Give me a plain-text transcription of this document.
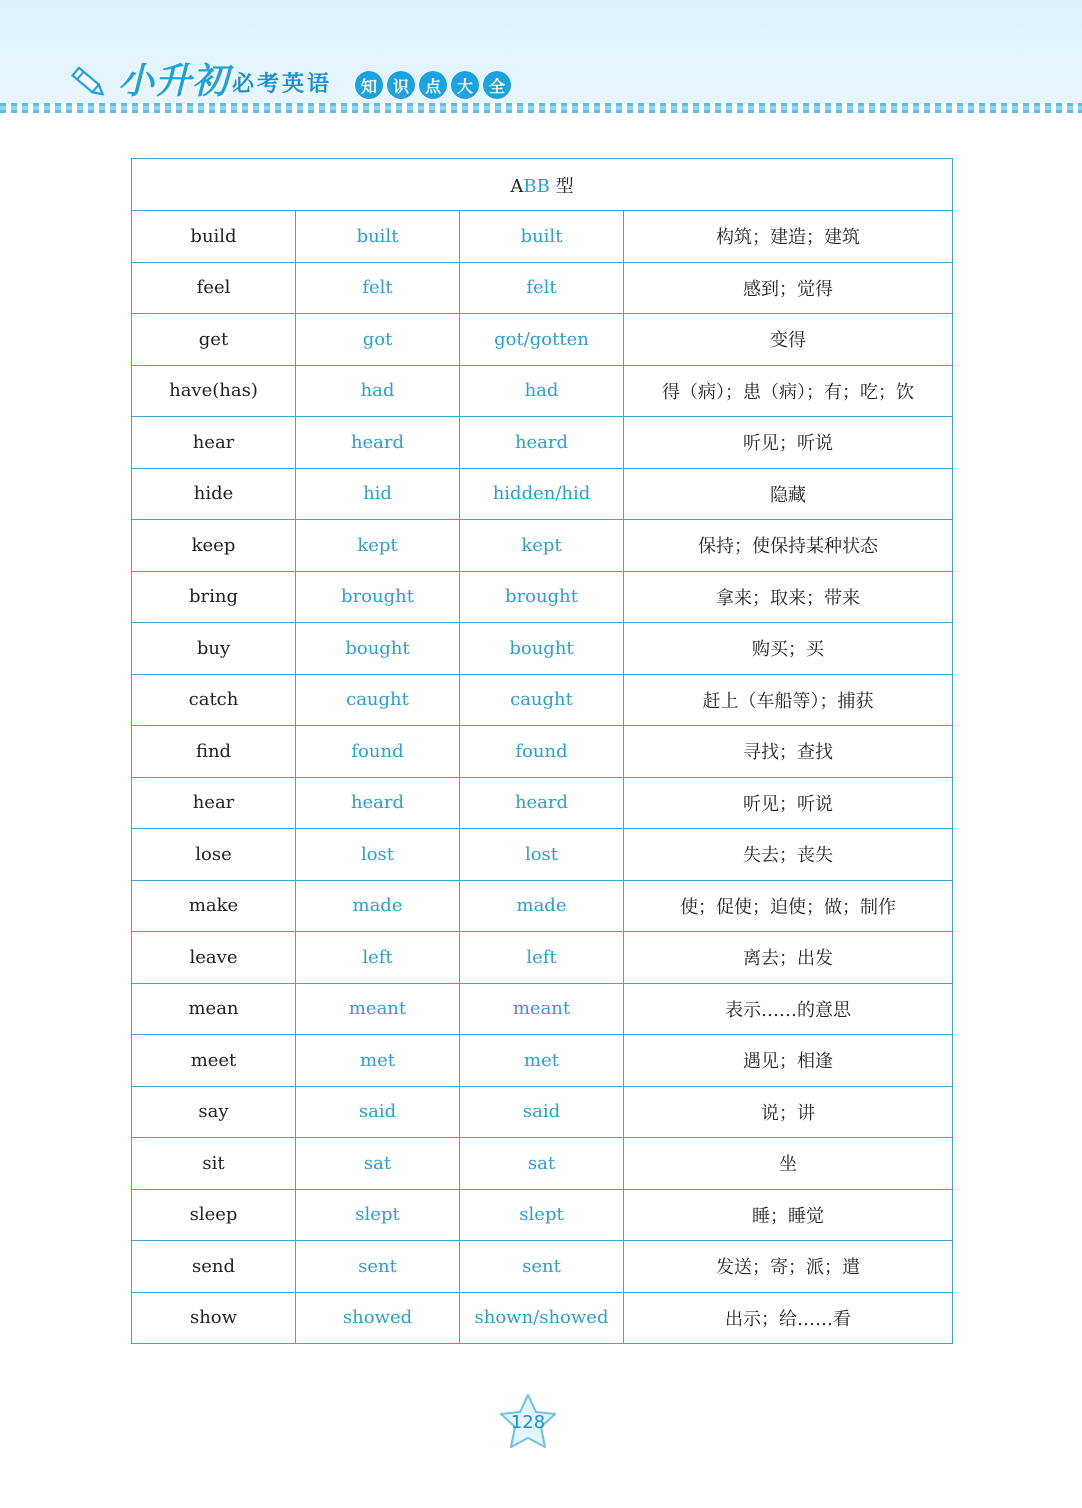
小升初 必考英语	知 识 点 大 全
ABB 型			
build	built	built	构筑；建造；建筑
feel	felt	felt	感到；觉得
get	got	got/gotten	变得
have(has)	had	had	得（病）；患（病）；有；吃；饮
hear	heard	heard	听见；听说
hide	hid	hidden/hid	隐藏
keep	kept	kept	保持；使保持某种状态
bring	brought	brought	拿来；取来；带来
buy	bought	bought	购买；买
catch	caught	caught	赶上（车船等）；捕获
find	found	found	寻找；查找
hear	heard	heard	听见；听说
lose	lost	lost	失去；丧失
make	made	made	使；促使；迫使；做；制作
leave	left	left	离去；出发
mean	meant	meant	表示……的意思
meet	met	met	遇见；相逢
say	said	said	说；讲
sit	sat	sat	坐
sleep	slept	slept	睡；睡觉
send	sent	sent	发送；寄；派；遣
show	showed	shown/showed	出示；给……看
128
